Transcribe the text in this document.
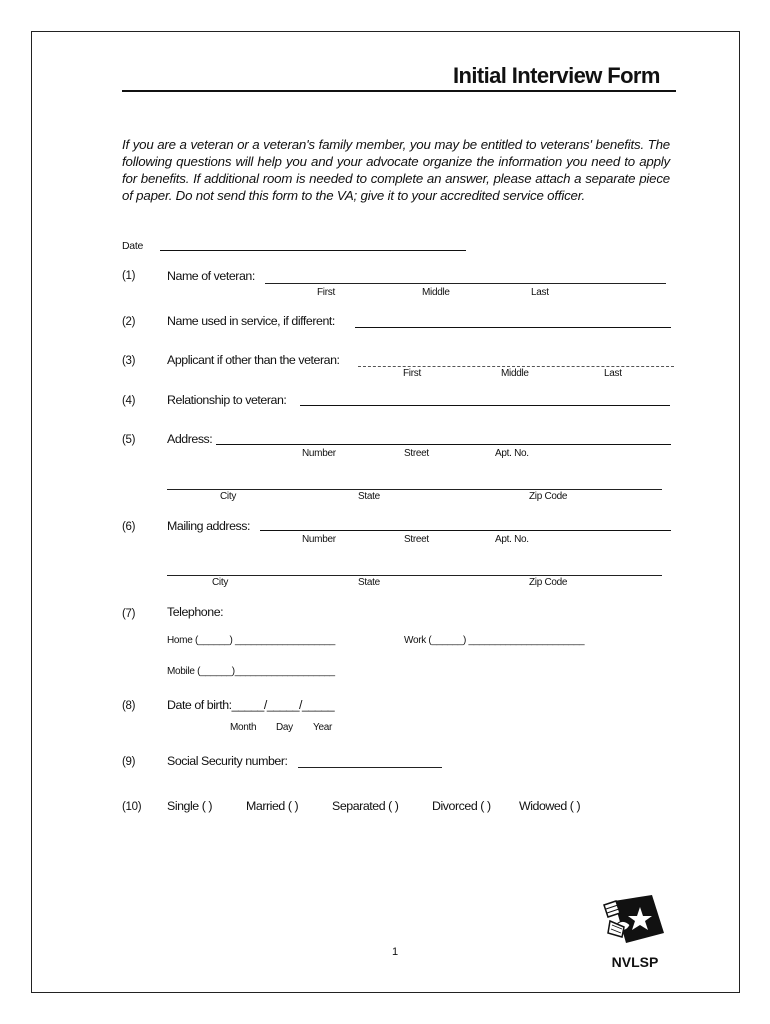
Initial Interview Form
If you are a veteran or a veteran's family member, you may be entitled to veterans' benefits. The following questions will help you and your advocate organize the information you need to apply for benefits. If additional room is needed to complete an answer, please attach a separate piece of paper. Do not send this form to the VA; give it to your accredited service officer.
Date
(1)	Name of veteran:
First	Middle	Last
(2)	Name used in service, if different:
(3)	Applicant if other than the veteran:
First	Middle	Last
(4)	Relationship to veteran:
(5)	Address:
Number	Street	Apt. No.
City	State	Zip Code
(6)	Mailing address:
Number	Street	Apt. No.
City	State	Zip Code
(7)	Telephone:
Home (______) ___________________	Work (______) ______________________
Mobile (______)___________________
(8)	Date of birth:_____/_____/_____
Month Day Year
(9)	Social Security number:
(10) Single ( )	Married ( )	Separated ( )	Divorced ( ) Widowed ( )
1
NVLSP
